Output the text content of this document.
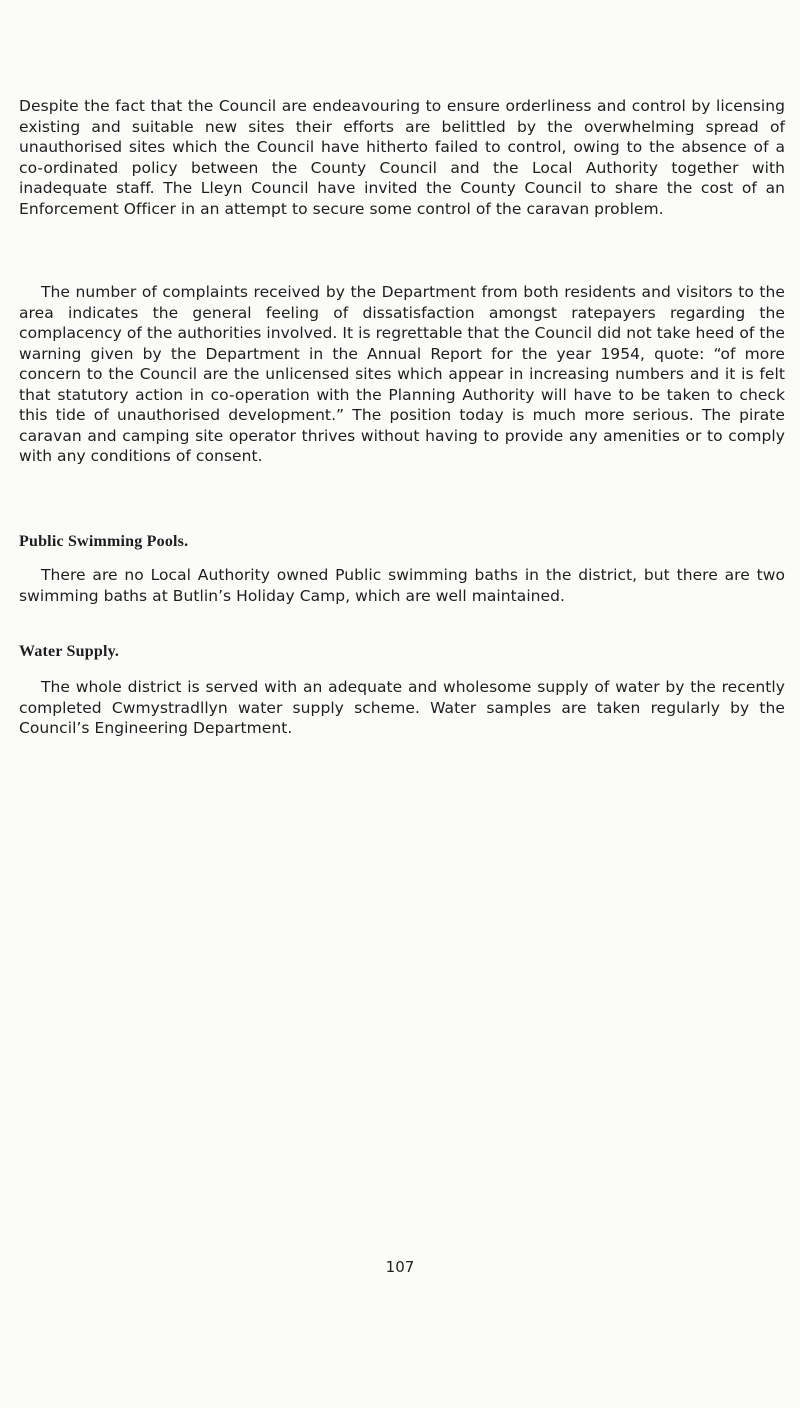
Despite the fact that the Council are endeavouring to ensure orderliness and control by licensing existing and suitable new sites their efforts are belittled by the overwhelming spread of unauthorised sites which the Council have hitherto failed to control, owing to the absence of a co-ordinated policy between the County Council and the Local Authority together with inadequate staff. The Lleyn Council have invited the County Council to share the cost of an Enforcement Officer in an attempt to secure some control of the caravan problem.

The number of complaints received by the Department from both residents and visitors to the area indicates the general feeling of dissatisfaction amongst ratepayers regarding the complacency of the authorities involved. It is regrettable that the Council did not take heed of the warning given by the Department in the Annual Report for the year 1954, quote: “of more concern to the Council are the unlicensed sites which appear in increasing numbers and it is felt that statutory action in co-operation with the Planning Authority will have to be taken to check this tide of unauthorised development.” The position today is much more serious. The pirate caravan and camping site operator thrives without having to provide any amenities or to comply with any conditions of consent.

Public Swimming Pools.

There are no Local Authority owned Public swimming baths in the district, but there are two swimming baths at Butlin’s Holiday Camp, which are well maintained.

Water Supply.

The whole district is served with an adequate and wholesome supply of water by the recently completed Cwmystradllyn water supply scheme. Water samples are taken regularly by the Council’s Engineering Department.

107
